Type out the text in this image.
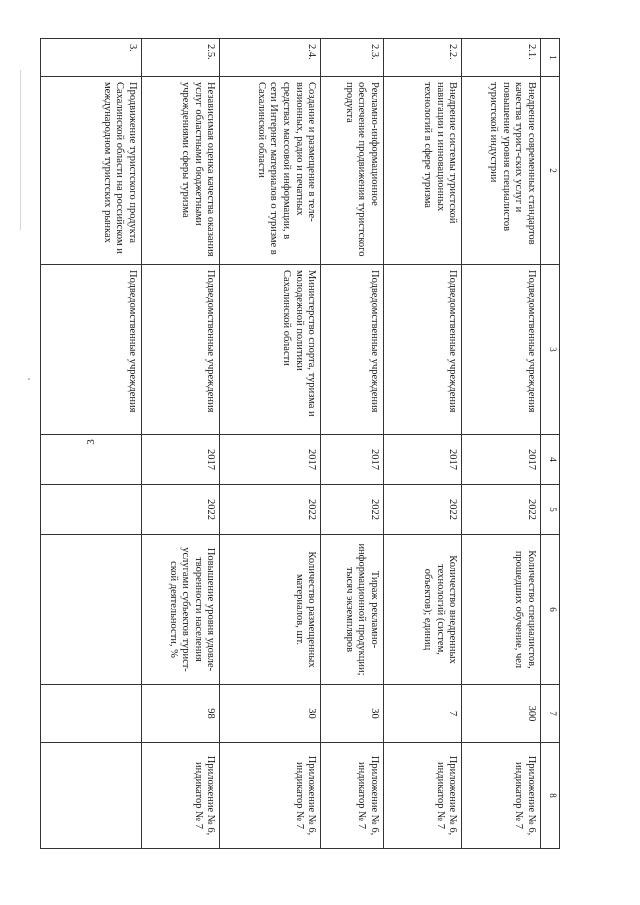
3
1	2	3	4	5	6	7	8
2.1.	Внедрение современных стандартов качества турист-ских услуг и повышение уровня специалистов туристской индустрии	Подведомственные учреждения	2017	2022	Количество специалистов, прошедших обучение, чел	300	Приложение № 6, индикатор № 7
2.2.	Внедрение системы туристской навигации и инновационных технологий в сфере туризма	Подведомственные учреждения	2017	2022	Количество внедренных технологий (систем, объектов); единиц	7	Приложение № 6, индикатор № 7
2.3.	Рекламно-информационное обеспечение продвижения туристского продукта	Подведомственные учреждения	2017	2022	Тираж рекламно-информационной продукции; тысяч экземпляров	30	Приложение № 6, индикатор № 7
2.4.	Создание и размещение в теле-визионных, радио и печатных средствах массовой информации, в сети Интернет материалов о туризме в Сахалинской области	Министерство спорта, туризма и молодежной политики Сахалинской области	2017	2022	Количество размещенных материалов, шт.	30	Приложение № 6, индикатор № 7
2.5.	Независимая оценка качества оказания услуг областными бюджетными учреждениями сферы туризма	Подведомственные учреждения	2017	2022	Повышение уровня удовле-творенности населения услугами субъектов турист-ской деятельности, %	98	Приложение № 6, индикатор № 7
3.	Продвижение туристского продукта Сахалинской области на российском и международном туристских рынках	Подведомственные учреждения					
